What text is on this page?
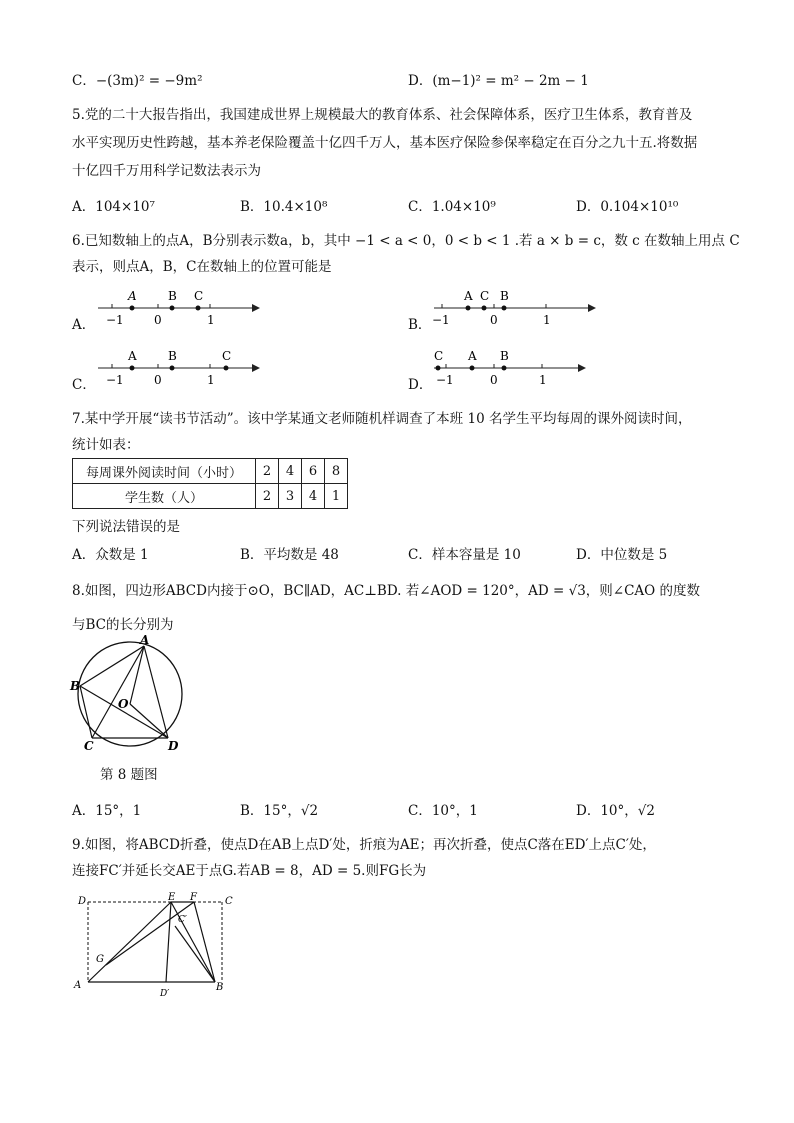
C．−(3m)² = −9m²	D．(m−1)² = m² − 2m − 1
5.党的二十大报告指出，我国建成世界上规模最大的教育体系、社会保障体系，医疗卫生体系，教育普及
水平实现历史性跨越，基本养老保险覆盖十亿四千万人，基本医疗保险参保率稳定在百分之九十五.将数据
十亿四千万用科学记数法表示为
A．104×10⁷	B．10.4×10⁸	C．1.04×10⁹	D．0.104×10¹⁰
6.已知数轴上的点A，B分别表示数a，b，其中 −1 < a < 0，0 < b < 1 .若 a × b = c，数 c 在数轴上用点 C
表示，则点A，B，C在数轴上的位置可能是
A． −1	0	1
A	B C
B． −1	0	1
A C B
C． −1	0	1
A	B	C
D． −1	0	1
C A B
7.某中学开展“读书节活动”。该中学某通文老师随机样调查了本班 10 名学生平均每周的课外阅读时间，
统计如表：
每周课外阅读时间（小时）	2	4	6	8
学生数（人）	2	3	4	1
下列说法错误的是
A．众数是 1	B．平均数是 48	C．样本容量是 10	D．中位数是 5
8.如图，四边形ABCD内接于⊙O，BC∥AD，AC⊥BD. 若∠AOD = 120°，AD = √3，则∠CAO 的度数
与BC的长分别为
A
B
C	D
O
第 8 题图
A．15°，1	B．15°，√2	C．10°，1	D．10°，√2
9.如图，将ABCD折叠，使点D在AB上点D′处，折痕为AE；再次折叠，使点C落在ED′上点C′处，
连接FC′并延长交AE于点G.若AB = 8，AD = 5.则FG长为
D	E F	C
C′
G
A
D′
B
